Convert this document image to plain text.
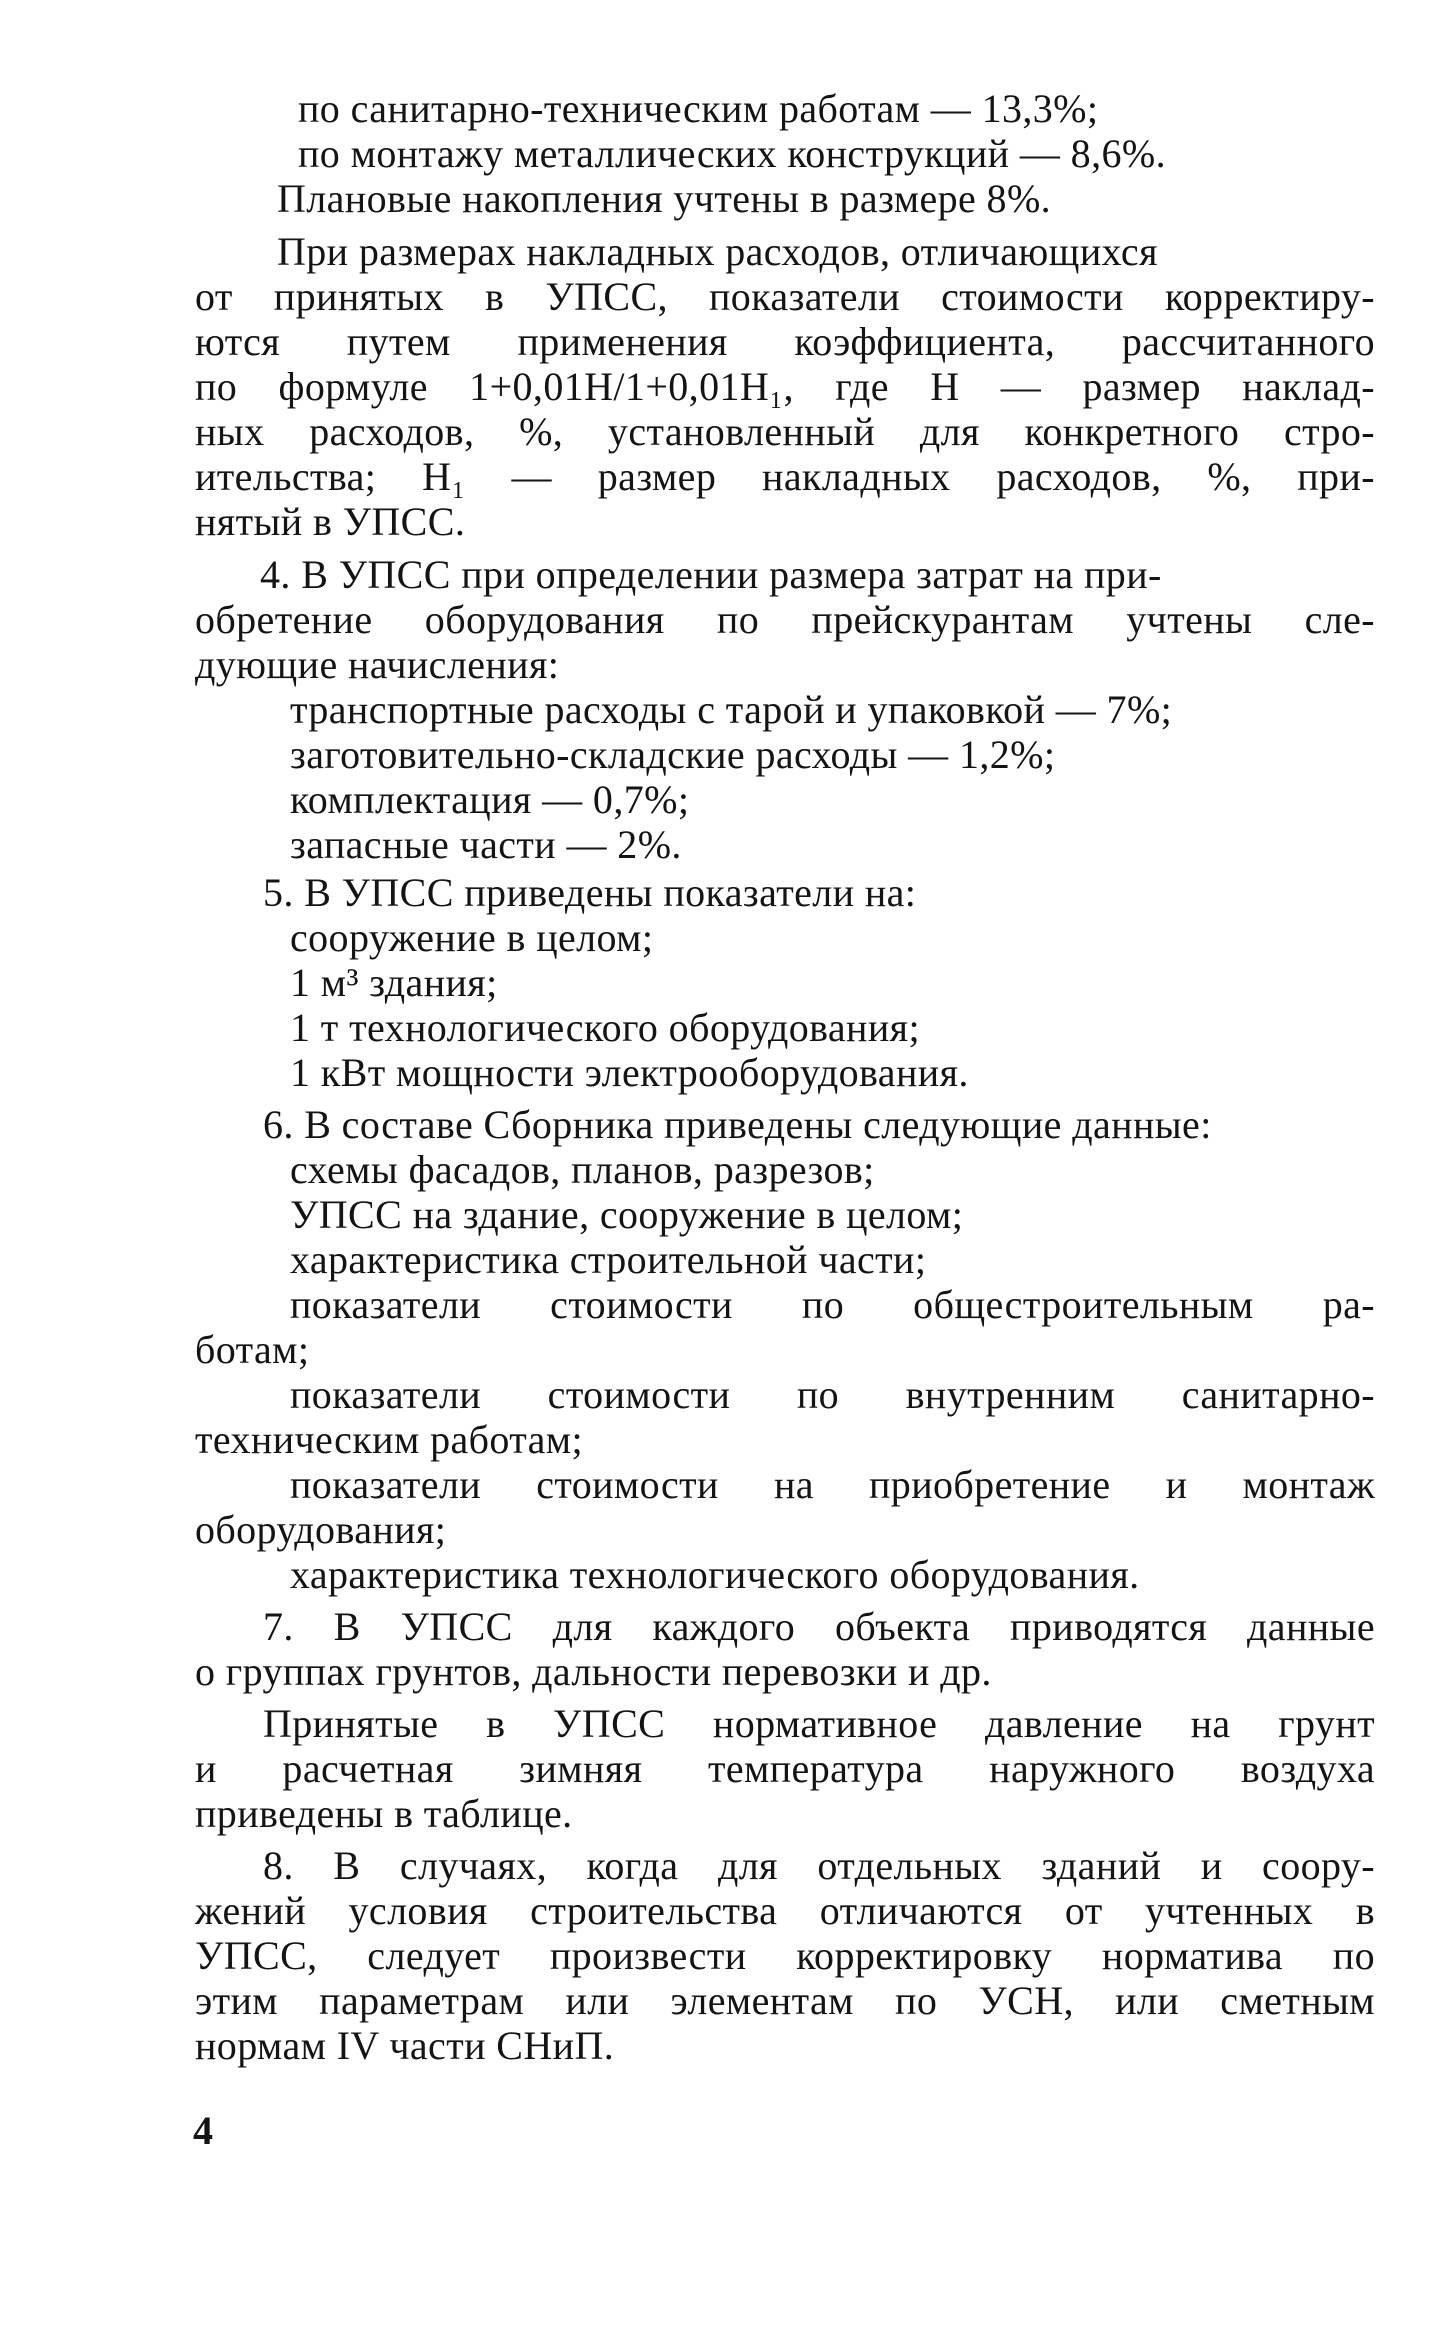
по санитарно-техническим работам — 13,3%;
по монтажу металлических конструкций — 8,6%.
Плановые накопления учтены в размере 8%.
При размерах накладных расходов, отличающихся
от принятых в УПСС, показатели стоимости корректиру-
ются путем применения коэффициента, рассчитанного
по формуле 1+0,01Н/1+0,01Н₁, где Н — размер наклад-
ных расходов, %, установленный для конкретного стро-
ительства; Н₁ — размер накладных расходов, %, при-
нятый в УПСС.
4. В УПСС при определении размера затрат на при-
обретение оборудования по прейскурантам учтены сле-
дующие начисления:
транспортные расходы с тарой и упаковкой — 7%;
заготовительно-складские расходы — 1,2%;
комплектация — 0,7%;
запасные части — 2%.
5. В УПСС приведены показатели на:
сооружение в целом;
1 м³ здания;
1 т технологического оборудования;
1 кВт мощности электрооборудования.
6. В составе Сборника приведены следующие данные:
схемы фасадов, планов, разрезов;
УПСС на здание, сооружение в целом;
характеристика строительной части;
показатели стоимости по общестроительным ра-
ботам;
показатели стоимости по внутренним санитарно-
техническим работам;
показатели стоимости на приобретение и монтаж
оборудования;
характеристика технологического оборудования.
7. В УПСС для каждого объекта приводятся данные
о группах грунтов, дальности перевозки и др.
Принятые в УПСС нормативное давление на грунт
и расчетная зимняя температура наружного воздуха
приведены в таблице.
8. В случаях, когда для отдельных зданий и соору-
жений условия строительства отличаются от учтенных в
УПСС, следует произвести корректировку норматива по
этим параметрам или элементам по УСН, или сметным
нормам IV части СНиП.
4
